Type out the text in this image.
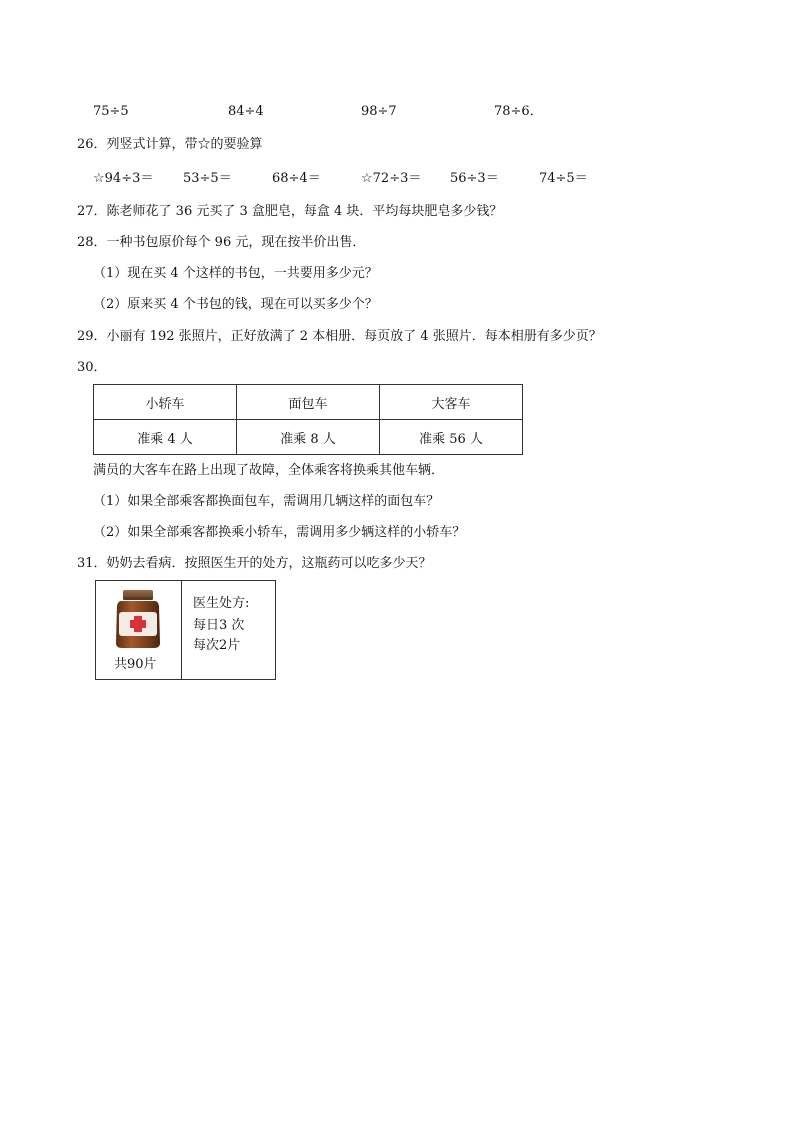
75÷5	84÷4	98÷7	78÷6．
26．列竖式计算，带☆的要验算
☆94÷3＝ 53÷5＝	68÷4＝	☆72÷3＝ 56÷3＝	74÷5＝
27．陈老师花了 36 元买了 3 盒肥皂，每盒 4 块．平均每块肥皂多少钱？
28．一种书包原价每个 96 元，现在按半价出售．
（1）现在买 4 个这样的书包，一共要用多少元？
（2）原来买 4 个书包的钱，现在可以买多少个？
29．小丽有 192 张照片，正好放满了 2 本相册．每页放了 4 张照片．每本相册有多少页？
30．
小轿车	面包车	大客车
准乘 4 人	准乘 8 人	准乘 56 人
满员的大客车在路上出现了故障，全体乘客将换乘其他车辆．
（1）如果全部乘客都换面包车，需调用几辆这样的面包车？
（2）如果全部乘客都换乘小轿车，需调用多少辆这样的小轿车？
31．奶奶去看病．按照医生开的处方，这瓶药可以吃多少天？
共90片
医生处方:
每日3 次
每次2片
